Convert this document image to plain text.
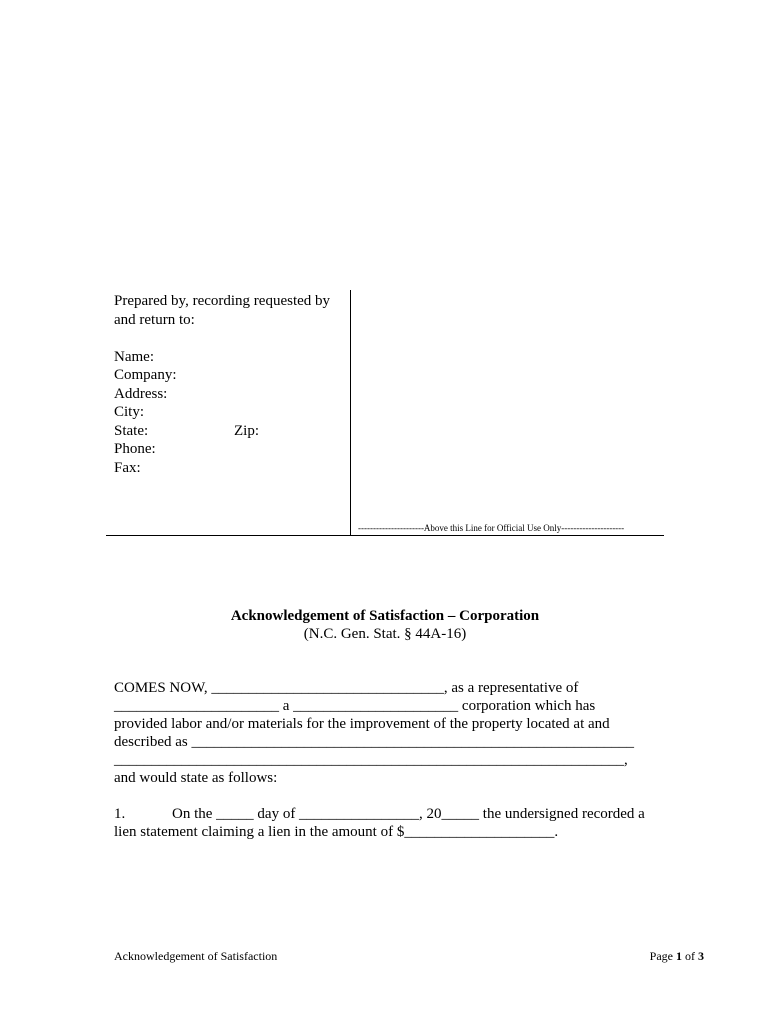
Prepared by, recording requested by
and return to:
Name:
Company:
Address:
City:
State:	Zip:
Phone:
Fax:
----------------------Above this Line for Official Use Only---------------------
Acknowledgement of Satisfaction – Corporation
(N.C. Gen. Stat. § 44A-16)

COMES NOW, _______________________________, as a representative of

______________________ a ______________________ corporation which has

provided labor and/or materials for the improvement of the property located at and

described as ___________________________________________________________

____________________________________________________________________,

and would state as follows:

1.	On the _____ day of ________________, 20_____ the undersigned recorded a

lien statement claiming a lien in the amount of $____________________.

Acknowledgement of Satisfaction	Page 1 of 3
